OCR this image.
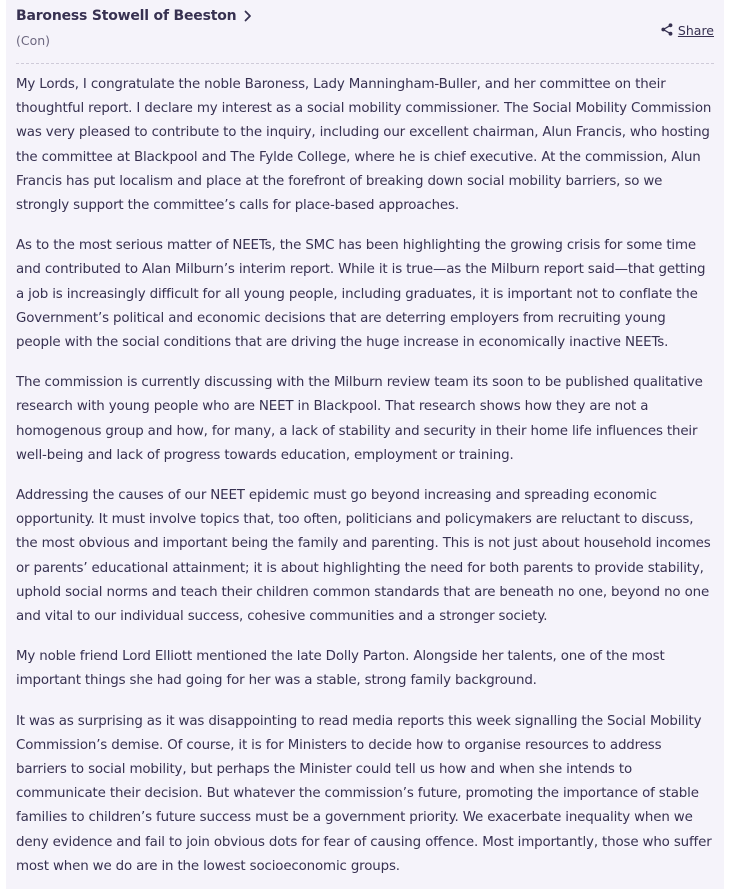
Baroness Stowell of Beeston
(Con)
Share

My Lords, I congratulate the noble Baroness, Lady Manningham-Buller, and her committee on their thoughtful report. I declare my interest as a social mobility commissioner. The Social Mobility Commission was very pleased to contribute to the inquiry, including our excellent chairman, Alun Francis, who hosting the committee at Blackpool and The Fylde College, where he is chief executive. At the commission, Alun Francis has put localism and place at the forefront of breaking down social mobility barriers, so we strongly support the committee’s calls for place-based approaches.

As to the most serious matter of NEETs, the SMC has been highlighting the growing crisis for some time and contributed to Alan Milburn’s interim report. While it is true—as the Milburn report said—that getting a job is increasingly difficult for all young people, including graduates, it is important not to conflate the Government’s political and economic decisions that are deterring employers from recruiting young people with the social conditions that are driving the huge increase in economically inactive NEETs.

The commission is currently discussing with the Milburn review team its soon to be published qualitative research with young people who are NEET in Blackpool. That research shows how they are not a homogenous group and how, for many, a lack of stability and security in their home life influences their well-being and lack of progress towards education, employment or training.

Addressing the causes of our NEET epidemic must go beyond increasing and spreading economic opportunity. It must involve topics that, too often, politicians and policymakers are reluctant to discuss, the most obvious and important being the family and parenting. This is not just about household incomes or parents’ educational attainment; it is about highlighting the need for both parents to provide stability, uphold social norms and teach their children common standards that are beneath no one, beyond no one and vital to our individual success, cohesive communities and a stronger society.

My noble friend Lord Elliott mentioned the late Dolly Parton. Alongside her talents, one of the most important things she had going for her was a stable, strong family background.

It was as surprising as it was disappointing to read media reports this week signalling the Social Mobility Commission’s demise. Of course, it is for Ministers to decide how to organise resources to address barriers to social mobility, but perhaps the Minister could tell us how and when she intends to communicate their decision. But whatever the commission’s future, promoting the importance of stable families to children’s future success must be a government priority. We exacerbate inequality when we deny evidence and fail to join obvious dots for fear of causing offence. Most importantly, those who suffer most when we do are in the lowest socioeconomic groups.
